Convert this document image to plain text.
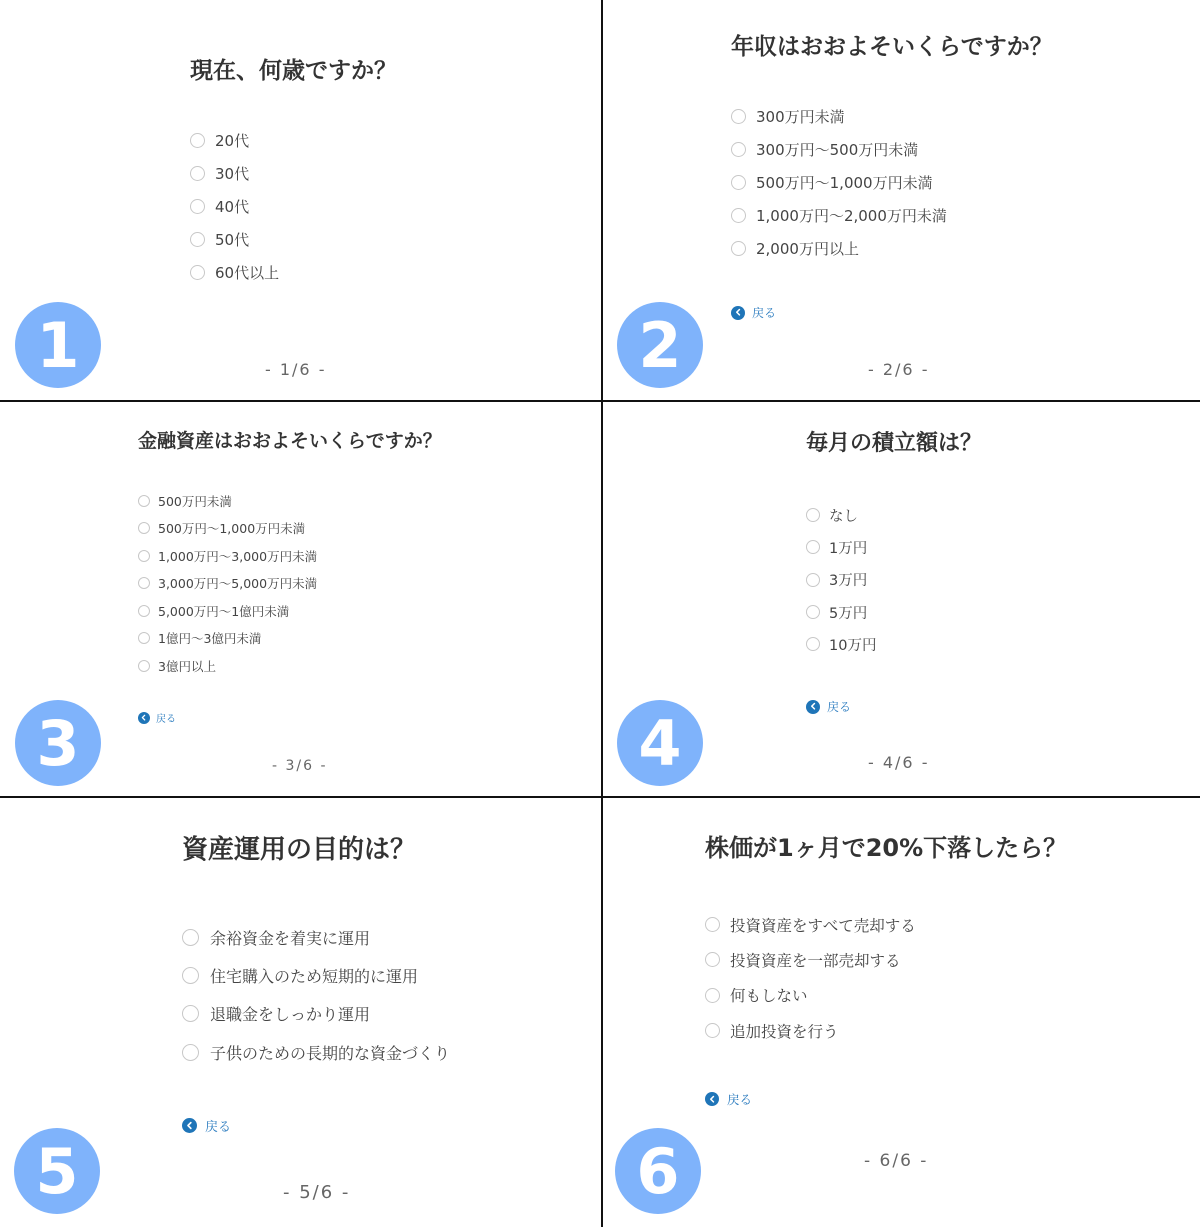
現在、何歳ですか？
20代
30代
40代
50代
60代以上
- 1/6 -
1
年収はおおよそいくらですか？
300万円未満
300万円〜500万円未満
500万円〜1,000万円未満
1,000万円〜2,000万円未満
2,000万円以上
戻る
- 2/6 -
2
金融資産はおおよそいくらですか？
500万円未満
500万円〜1,000万円未満
1,000万円〜3,000万円未満
3,000万円〜5,000万円未満
5,000万円〜1億円未満
1億円〜3億円未満
3億円以上
戻る
- 3/6 -
3
毎月の積立額は？
なし
1万円
3万円
5万円
10万円
戻る
- 4/6 -
4
資産運用の目的は？
余裕資金を着実に運用
住宅購入のため短期的に運用
退職金をしっかり運用
子供のための長期的な資金づくり
戻る
- 5/6 -
5
株価が1ヶ月で20%下落したら？
投資資産をすべて売却する
投資資産を一部売却する
何もしない
追加投資を行う
戻る
- 6/6 -
6
